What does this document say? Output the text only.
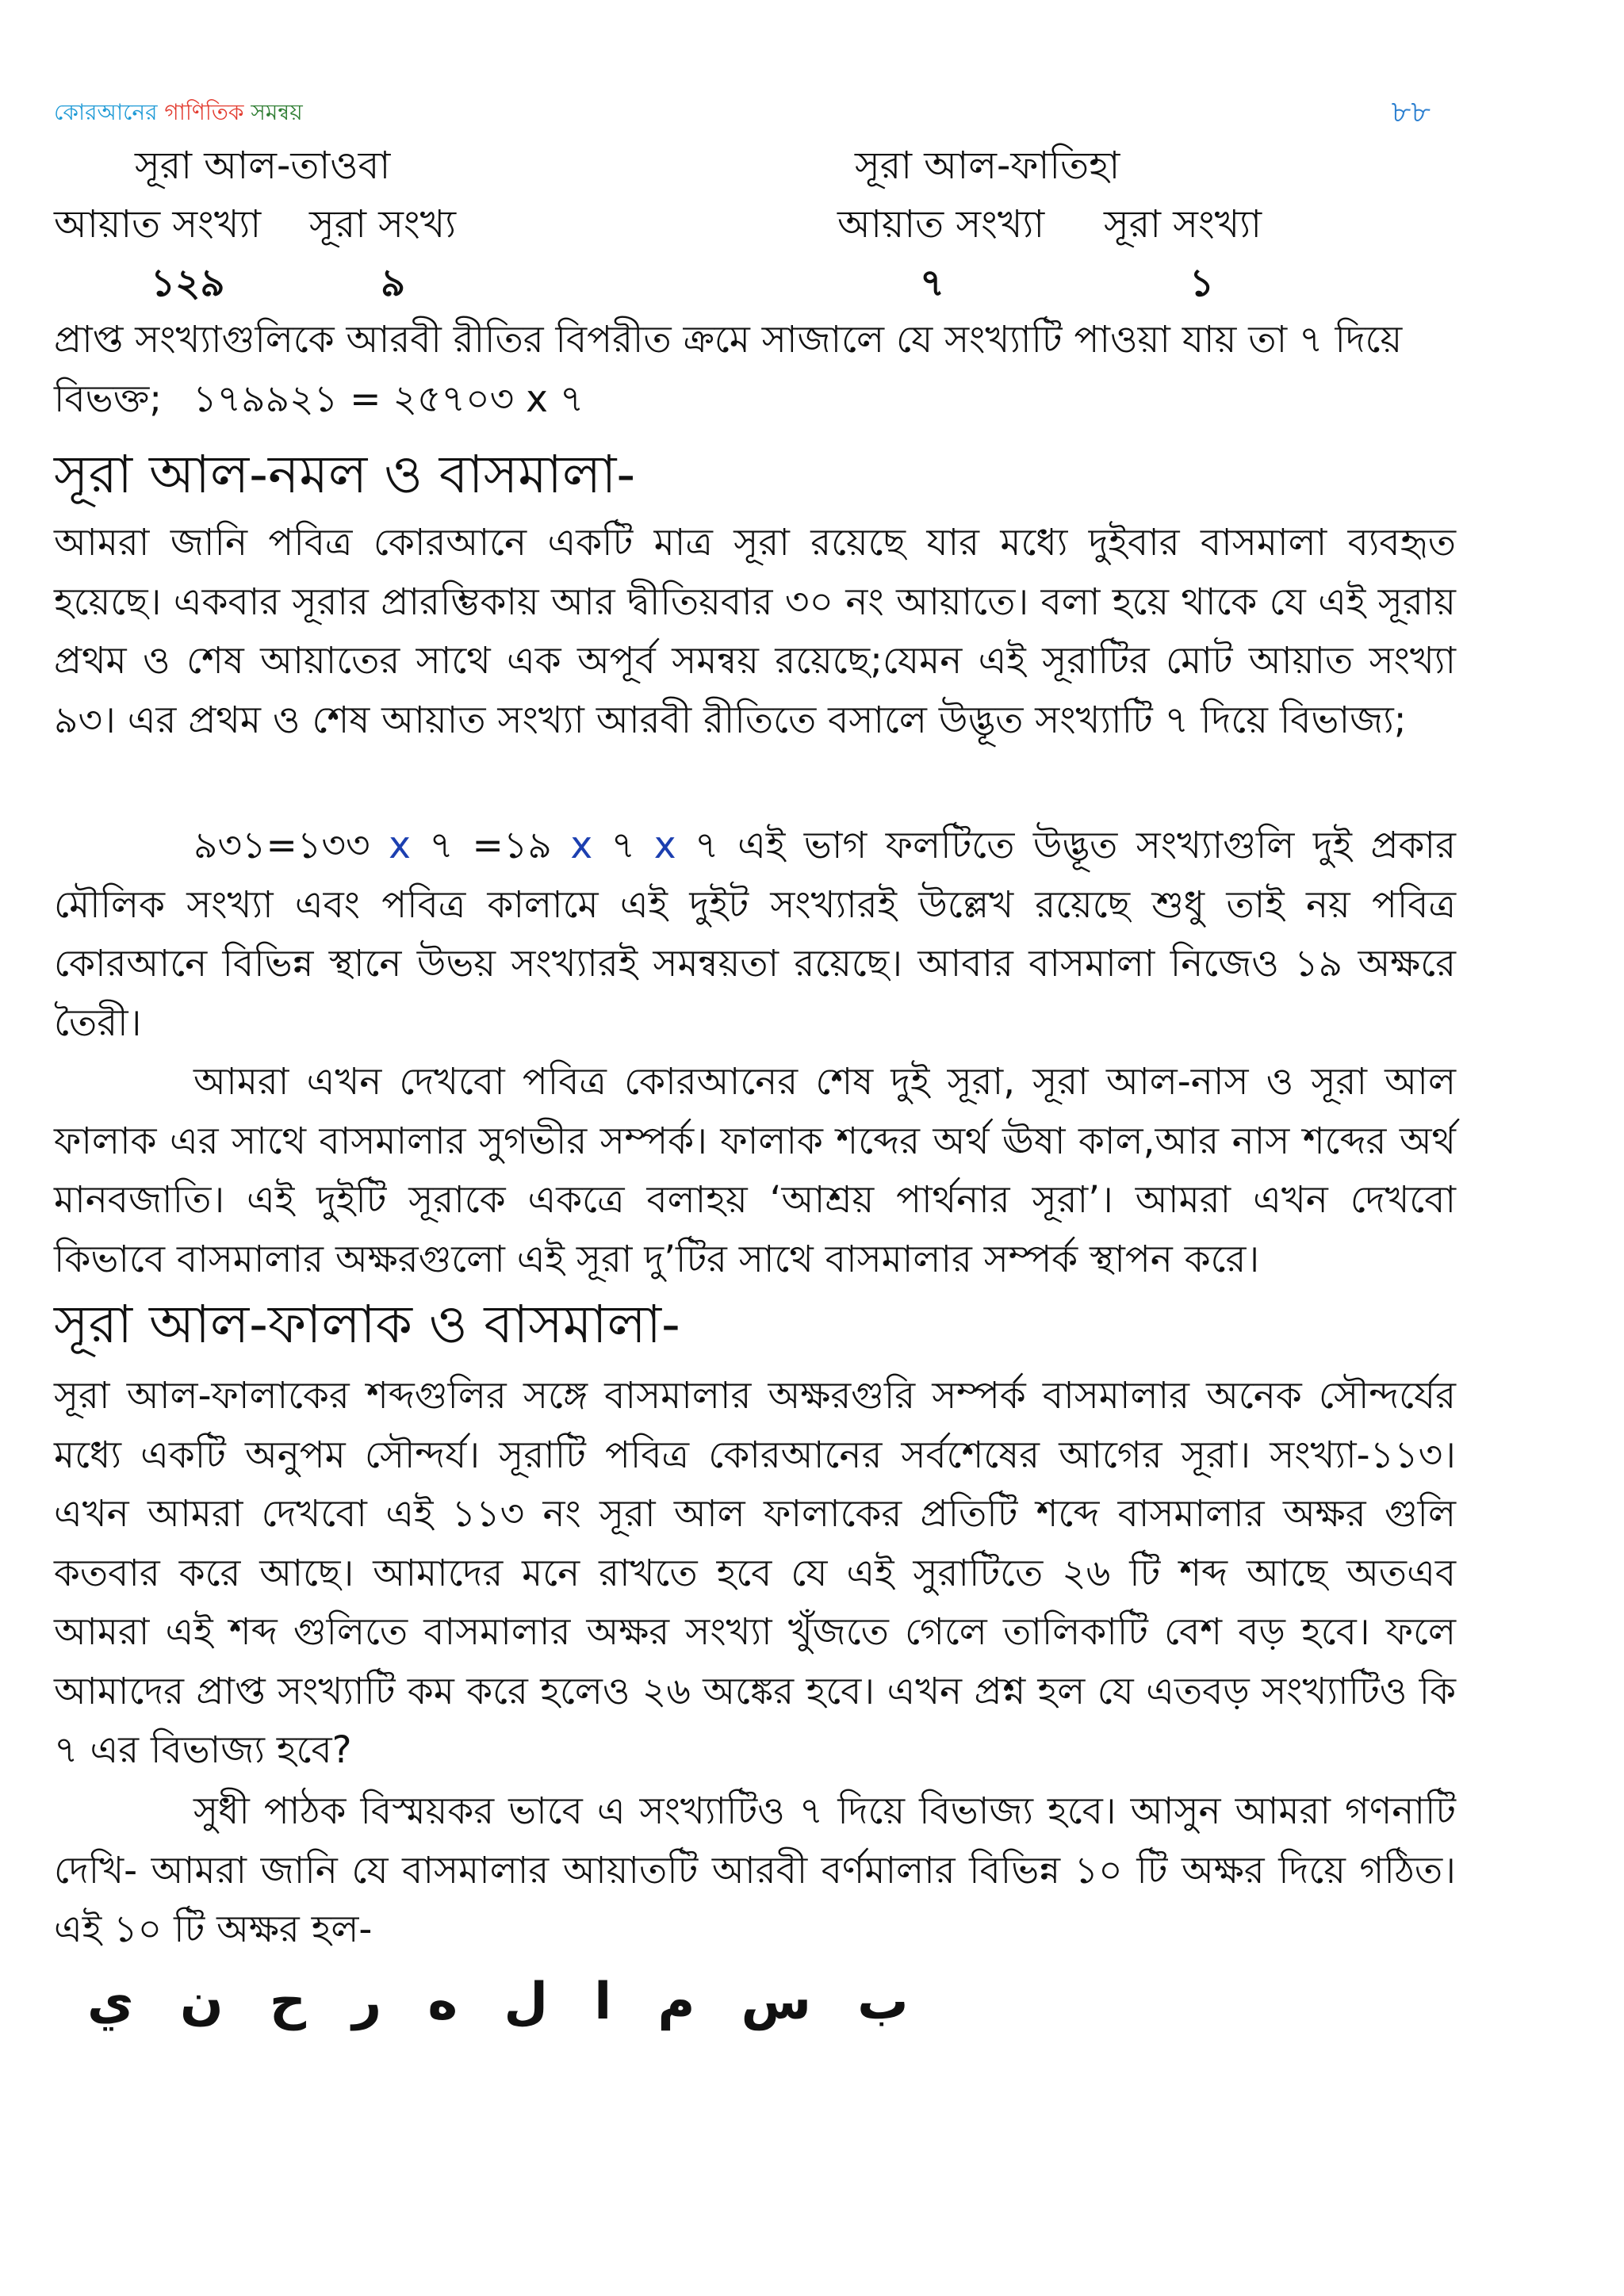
কোরআনের গাণিতিক সমন্বয়	৮৮
সূরা আল-তাওবা	সূরা আল-ফাতিহা
আয়াত সংখ্যা সূরা সংখ্য	আয়াত সংখ্যা সূরা সংখ্যা
১২৯	৯	৭	১
প্রাপ্ত সংখ্যাগুলিকে আরবী রীতির বিপরীত ক্রমে সাজালে যে সংখ্যাটি পাওয়া যায় তা ৭ দিয়ে
বিভক্ত; ১৭৯৯২১ = ২৫৭০৩ x ৭
সূরা আল-নমল ও বাসমালা-
আমরা জানি পবিত্র কোরআনে একটি মাত্র সূরা রয়েছে যার মধ্যে দুইবার বাসমালা ব্যবহৃত হয়েছে। একবার সূরার প্রারম্ভিকায় আর দ্বীতিয়বার ৩০ নং আয়াতে। বলা হয়ে থাকে যে এই সূরায় প্রথম ও শেষ আয়াতের সাথে এক অপূর্ব সমন্বয় রয়েছে;যেমন এই সূরাটির মোট আয়াত সংখ্যা ৯৩। এর প্রথম ও শেষ আয়াত সংখ্যা আরবী রীতিতে বসালে উদ্ভূত সংখ্যাটি ৭ দিয়ে বিভাজ্য;
৯৩১=১৩৩ x ৭ =১৯ x ৭ x ৭ এই ভাগ ফলটিতে উদ্ভূত সংখ্যাগুলি দুই প্রকার মৌলিক সংখ্যা এবং পবিত্র কালামে এই দুইট সংখ্যারই উল্লেখ রয়েছে শুধু তাই নয় পবিত্র কোরআনে বিভিন্ন স্থানে উভয় সংখ্যারই সমন্বয়তা রয়েছে। আবার বাসমালা নিজেও ১৯ অক্ষরে তৈরী।
আমরা এখন দেখবো পবিত্র কোরআনের শেষ দুই সূরা, সূরা আল-নাস ও সূরা আল ফালাক এর সাথে বাসমালার সুগভীর সম্পর্ক। ফালাক শব্দের অর্থ ঊষা কাল,আর নাস শব্দের অর্থ মানবজাতি। এই দুইটি সূরাকে একত্রে বলাহয় ‘আশ্রয় পার্থনার সূরা’। আমরা এখন দেখবো কিভাবে বাসমালার অক্ষরগুলো এই সূরা দু’টির সাথে বাসমালার সম্পর্ক স্থাপন করে।
সূরা আল-ফালাক ও বাসমালা-
সূরা আল-ফালাকের শব্দগুলির সঙ্গে বাসমালার অক্ষরগুরি সম্পর্ক বাসমালার অনেক সৌন্দর্যের মধ্যে একটি অনুপম সৌন্দর্য। সূরাটি পবিত্র কোরআনের সর্বশেষের আগের সূরা। সংখ্যা-১১৩। এখন আমরা দেখবো এই ১১৩ নং সূরা আল ফালাকের প্রতিটি শব্দে বাসমালার অক্ষর গুলি কতবার করে আছে। আমাদের মনে রাখতে হবে যে এই সুরাটিতে ২৬ টি শব্দ আছে অতএব আমরা এই শব্দ গুলিতে বাসমালার অক্ষর সংখ্যা খুঁজতে গেলে তালিকাটি বেশ বড় হবে। ফলে আমাদের প্রাপ্ত সংখ্যাটি কম করে হলেও ২৬ অঙ্কের হবে। এখন প্রশ্ন হল যে এতবড় সংখ্যাটিও কি ৭ এর বিভাজ্য হবে?
সুধী পাঠক বিস্ময়কর ভাবে এ সংখ্যাটিও ৭ দিয়ে বিভাজ্য হবে। আসুন আমরা গণনাটি দেখি- আমরা জানি যে বাসমালার আয়াতটি আরবী বর্ণমালার বিভিন্ন ১০ টি অক্ষর দিয়ে গঠিত। এই ১০ টি অক্ষর হল-
ي ن ح ر ه ل ا م س ب
